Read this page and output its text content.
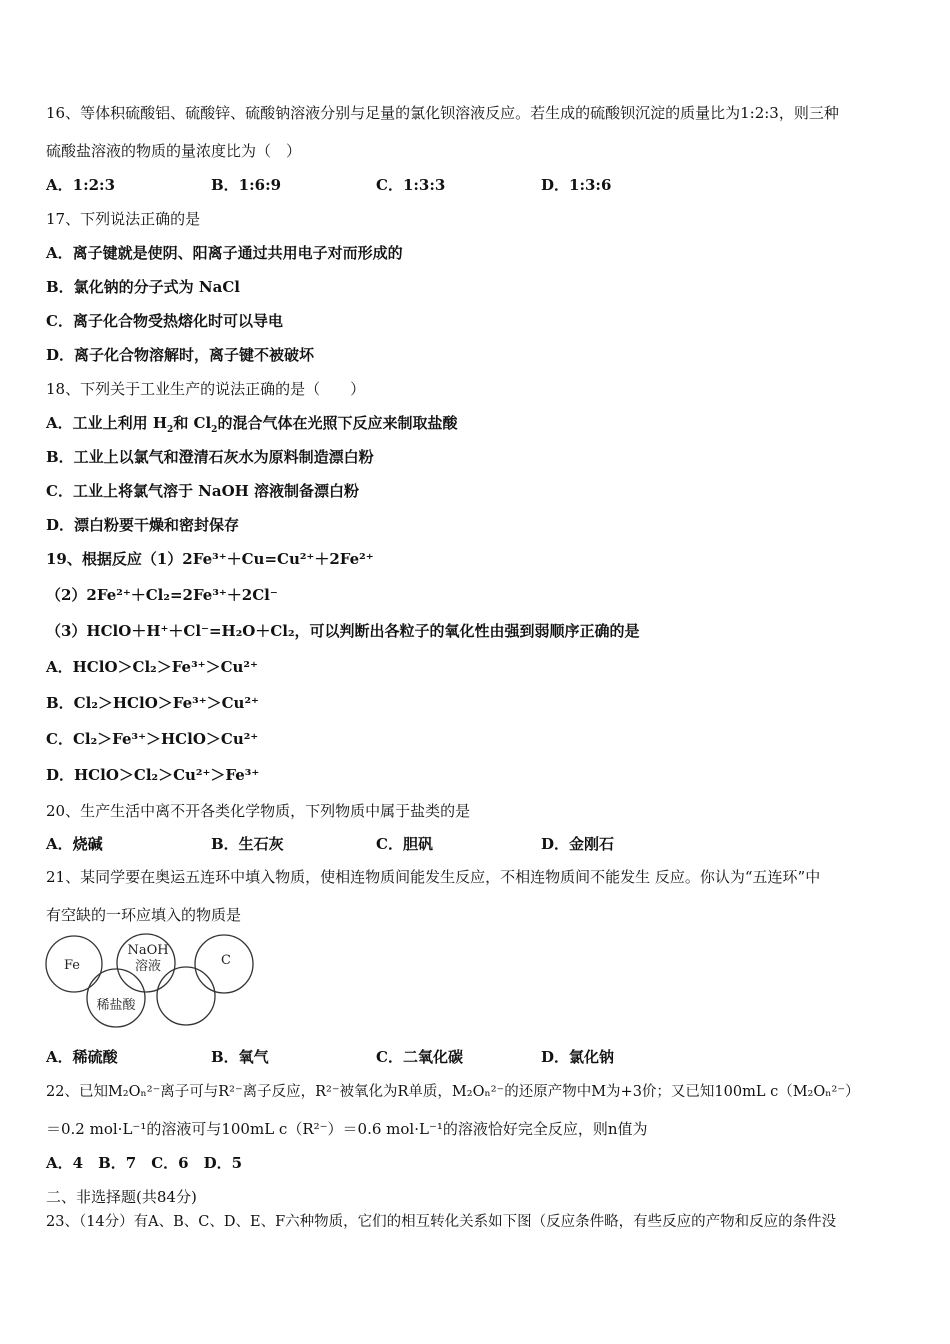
16、等体积硫酸铝、硫酸锌、硫酸钠溶液分别与足量的氯化钡溶液反应。若生成的硫酸钡沉淀的质量比为1:2:3，则三种
硫酸盐溶液的物质的量浓度比为（　）
A．1:2:3	B．1:6:9	C．1:3:3	D．1:3:6
17、下列说法正确的是
A．离子键就是使阴、阳离子通过共用电子对而形成的
B．氯化钠的分子式为 NaCl
C．离子化合物受热熔化时可以导电
D．离子化合物溶解时，离子键不被破坏
18、下列关于工业生产的说法正确的是（　　）
A．工业上利用 $H_2$和 $Cl_2$的混合气体在光照下反应来制取盐酸
B．工业上以氯气和澄清石灰水为原料制造漂白粉
C．工业上将氯气溶于 NaOH 溶液制备漂白粉
D．漂白粉要干燥和密封保存
19、根据反应（1）2Fe³⁺＋Cu=Cu²⁺＋2Fe²⁺
（2）2Fe²⁺＋Cl₂=2Fe³⁺＋2Cl⁻
（3）HClO＋H⁺＋Cl⁻=H₂O＋Cl₂，可以判断出各粒子的氧化性由强到弱顺序正确的是
A．HClO＞Cl₂＞Fe³⁺＞Cu²⁺
B．Cl₂＞HClO＞Fe³⁺＞Cu²⁺
C．Cl₂＞Fe³⁺＞HClO＞Cu²⁺
D．HClO＞Cl₂＞Cu²⁺＞Fe³⁺
20、生产生活中离不开各类化学物质，下列物质中属于盐类的是
A．烧碱	B．生石灰	C．胆矾	D．金刚石
21、某同学要在奥运五连环中填入物质，使相连物质间能发生反应，不相连物质间不能发生 反应。你认为“五连环”中
有空缺的一环应填入的物质是
Fe
NaOH
溶液	C
稀盐酸
A．稀硫酸	B．氧气	C．二氧化碳	D．氯化钠
22、已知M₂Oₙ²⁻离子可与R²⁻离子反应，R²⁻被氧化为R单质，M₂Oₙ²⁻的还原产物中M为+3价；又已知100mL c（M₂Oₙ²⁻）
＝0.2 mol·L⁻¹的溶液可与100mL c（R²⁻）＝0.6 mol·L⁻¹的溶液恰好完全反应，则n值为
A．4　B．7　C．6　D．5
二、非选择题(共84分)
23、（14分）有A、B、C、D、E、F六种物质，它们的相互转化关系如下图（反应条件略，有些反应的产物和反应的条件没
